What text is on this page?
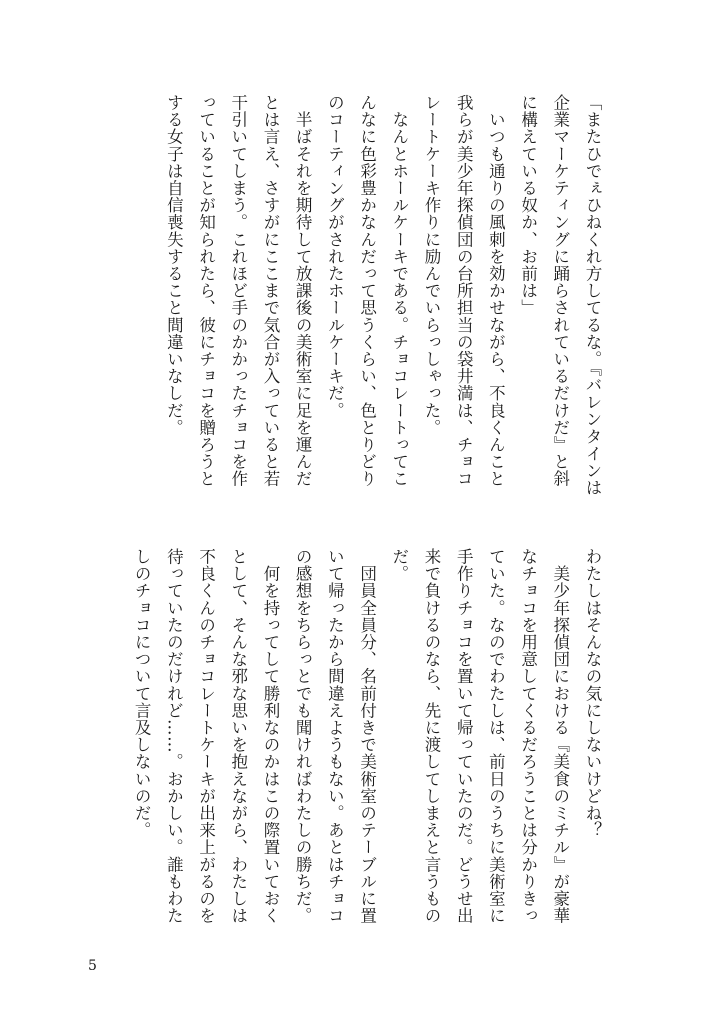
「またひでぇひねくれ方してるな。『バレンタインは企業マーケティングに踊らされているだけだ』と斜に構えている奴か、お前は」

　いつも通りの風刺を効かせながら、不良くんこと我らが美少年探偵団の台所担当の袋井満は、チョコレートケーキ作りに励んでいらっしゃった。

　なんとホールケーキである。チョコレートってこんなに色彩豊かなんだって思うくらい、色とりどりのコーティングがされたホールケーキだ。

　半ばそれを期待して放課後の美術室に足を運んだとは言え、さすがにここまで気合が入っていると若干引いてしまう。これほど手のかかったチョコを作っていることが知られたら、彼にチョコを贈ろうとする女子は自信喪失すること間違いなしだ。

わたしはそんなの気にしないけどね？

　美少年探偵団における『美食のミチル』が豪華なチョコを用意してくるだろうことは分かりきっていた。なのでわたしは、前日のうちに美術室に手作りチョコを置いて帰っていたのだ。どうせ出来で負けるのなら、先に渡してしまえと言うものだ。

　団員全員分、名前付きで美術室のテーブルに置いて帰ったから間違えようもない。あとはチョコの感想をちらっとでも聞ければわたしの勝ちだ。

　何を持ってして勝利なのかはこの際置いておくとして、そんな邪な思いを抱えながら、わたしは不良くんのチョコレートケーキが出来上がるのを待っていたのだけれど……。おかしい。誰もわたしのチョコについて言及しないのだ。

5
